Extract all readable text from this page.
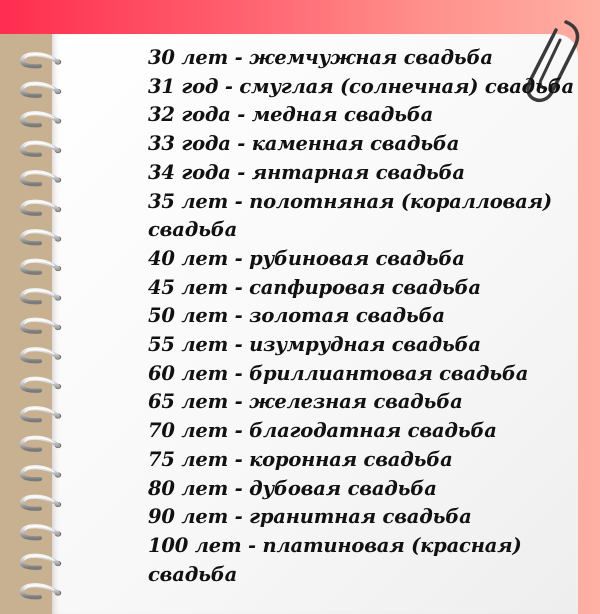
30 лет - жемчужная свадьба
31 год - смуглая (солнечная) свадьба
32 года - медная свадьба
33 года - каменная свадьба
34 года - янтарная свадьба
35 лет - полотняная (коралловая)
свадьба
40 лет - рубиновая свадьба
45 лет - сапфировая свадьба
50 лет - золотая свадьба
55 лет - изумрудная свадьба
60 лет - бриллиантовая свадьба
65 лет - железная свадьба
70 лет - благодатная свадьба
75 лет - коронная свадьба
80 лет - дубовая свадьба
90 лет - гранитная свадьба
100 лет - платиновая (красная)
свадьба
